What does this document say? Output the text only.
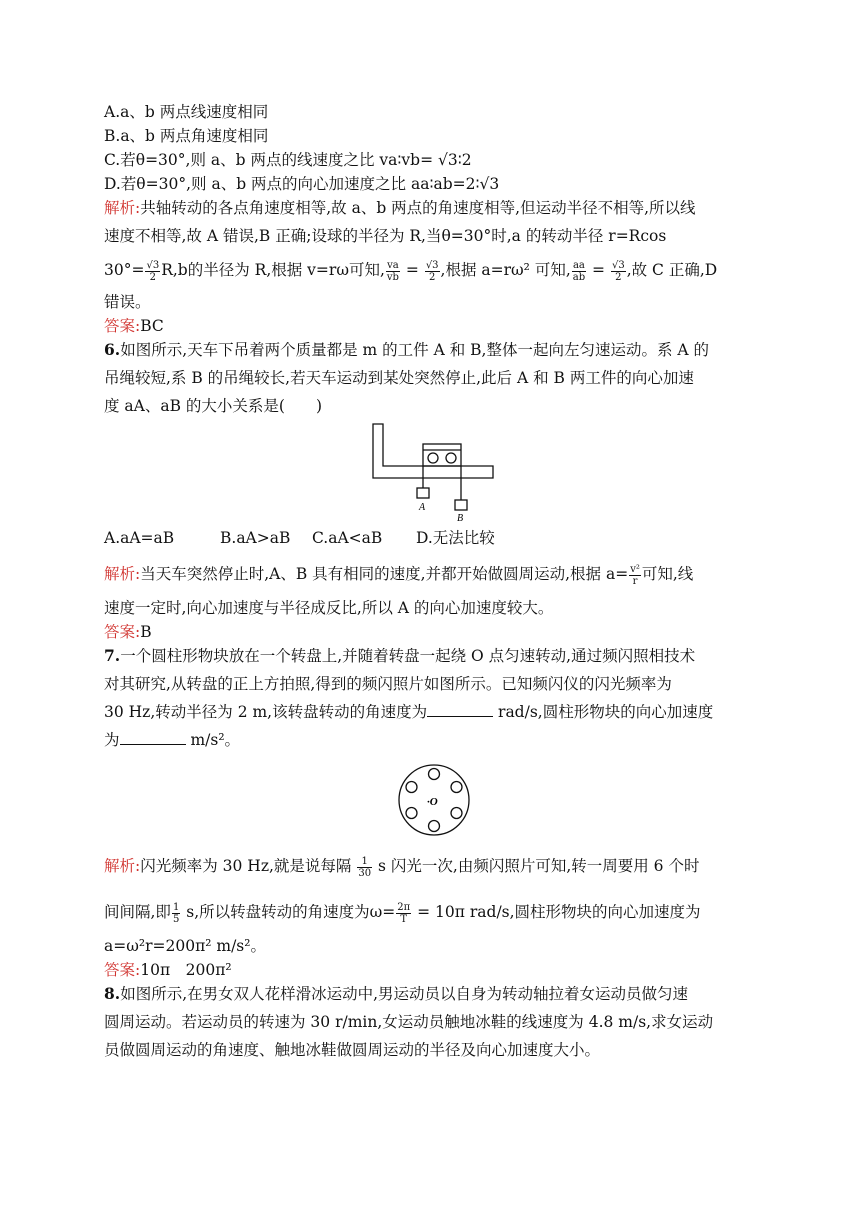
A.a、b 两点线速度相同
B.a、b 两点角速度相同
C.若θ=30°,则 a、b 两点的线速度之比 va∶vb= √3∶2
D.若θ=30°,则 a、b 两点的向心加速度之比 aa∶ab=2∶√3
解析:共轴转动的各点角速度相等,故 a、b 两点的角速度相等,但运动半径不相等,所以线
速度不相等,故 A 错误,B 正确;设球的半径为 R,当θ=30°时,a 的转动半径 r=Rcos
$30^\circ= \frac{√3}{2} R,b$的半径为 R,根据 v=rω可知, $\frac{va}{vb} = \frac{√3}{2}$ ,根据 a=rω² 可知, $\frac{aa}{ab} = \frac{√3}{2}$ ,故 C 正确,D
错误。
答案:BC
6.如图所示,天车下吊着两个质量都是 m 的工件 A 和 B,整体一起向左匀速运动。系 A 的
吊绳较短,系 B 的吊绳较长,若天车运动到某处突然停止,此后 A 和 B 两工件的向心加速
度 aA、aB 的大小关系是(　　)
A
B
A.aA=aB	B.aA>aB C.aA<aB D.无法比较
解析:当天车突然停止时,A、B 具有相同的速度,并都开始做圆周运动,根据 $a= \frac{\text{v²}}{r}$ 可知,线
速度一定时,向心加速度与半径成反比,所以 A 的向心加速度较大。
答案:B
7.一个圆柱形物块放在一个转盘上,并随着转盘一起绕 O 点匀速转动,通过频闪照相技术
对其研究,从转盘的正上方拍照,得到的频闪照片如图所示。已知频闪仪的闪光频率为
30 Hz,转动半径为 2 m,该转盘转动的角速度为	rad/s,圆柱形物块的向心加速度
为	m/s²。
·O
解析:闪光频率为 30 Hz,就是说每隔 $\frac{1}{30}$ s 闪光一次,由频闪照片可知,转一周要用 6 个时
间间隔,即 $\frac{1}{5} s$,所以转盘转动的角速度为$\omega= \frac{2\pi}{T} = 10\pi$ rad/s,圆柱形物块的向心加速度为
a=ω²r=200π² m/s²。
答案:10π　200π²
8.如图所示,在男女双人花样滑冰运动中,男运动员以自身为转动轴拉着女运动员做匀速
圆周运动。若运动员的转速为 30 r/min,女运动员触地冰鞋的线速度为 4.8 m/s,求女运动
员做圆周运动的角速度、触地冰鞋做圆周运动的半径及向心加速度大小。
